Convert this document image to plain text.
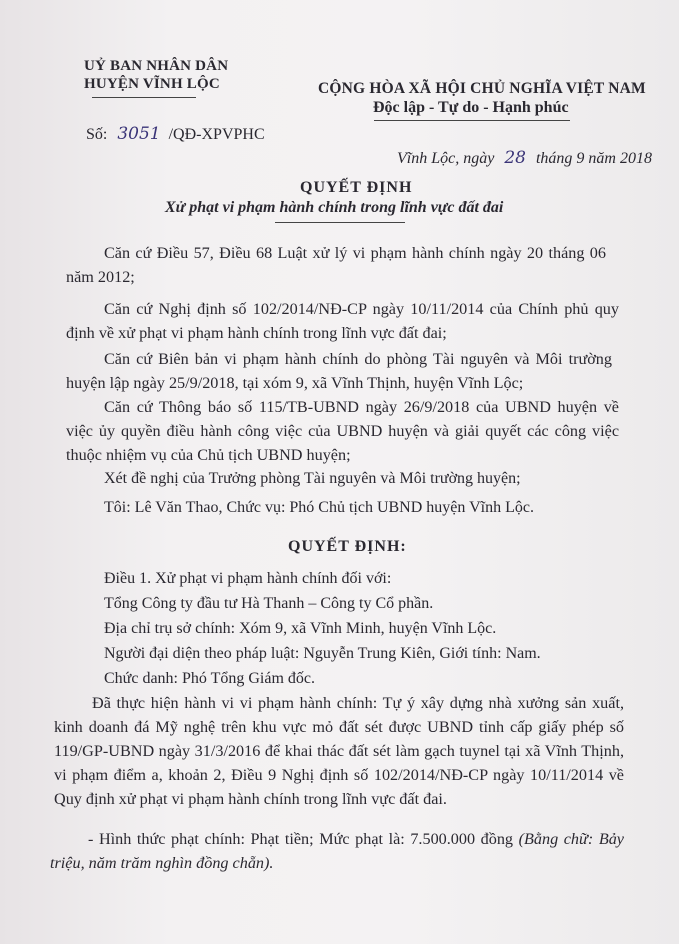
UỶ BAN NHÂN DÂN
HUYỆN VĨNH LỘC	CỘNG HÒA XÃ HỘI CHỦ NGHĨA VIỆT NAM
Độc lập - Tự do - Hạnh phúc
Số: 3051 /QĐ-XPVPHC
Vĩnh Lộc, ngày 28 tháng 9 năm 2018
QUYẾT ĐỊNH
Xử phạt vi phạm hành chính trong lĩnh vực đất đai
Căn cứ Điều 57, Điều 68 Luật xử lý vi phạm hành chính ngày 20 tháng 06 năm 2012;
Căn cứ Nghị định số 102/2014/NĐ-CP ngày 10/11/2014 của Chính phủ quy định về xử phạt vi phạm hành chính trong lĩnh vực đất đai;
Căn cứ Biên bản vi phạm hành chính do phòng Tài nguyên và Môi trường huyện lập ngày 25/9/2018, tại xóm 9, xã Vĩnh Thịnh, huyện Vĩnh Lộc;
Căn cứ Thông báo số 115/TB-UBND ngày 26/9/2018 của UBND huyện về việc ủy quyền điều hành công việc của UBND huyện và giải quyết các công việc thuộc nhiệm vụ của Chủ tịch UBND huyện;
Xét đề nghị của Trưởng phòng Tài nguyên và Môi trường huyện;
Tôi: Lê Văn Thao, Chức vụ: Phó Chủ tịch UBND huyện Vĩnh Lộc.
QUYẾT ĐỊNH:
Điều 1. Xử phạt vi phạm hành chính đối với:
Tổng Công ty đầu tư Hà Thanh – Công ty Cổ phần.
Địa chỉ trụ sở chính: Xóm 9, xã Vĩnh Minh, huyện Vĩnh Lộc.
Người đại diện theo pháp luật: Nguyễn Trung Kiên, Giới tính: Nam.
Chức danh: Phó Tổng Giám đốc.
Đã thực hiện hành vi vi phạm hành chính: Tự ý xây dựng nhà xưởng sản xuất, kinh doanh đá Mỹ nghệ trên khu vực mỏ đất sét được UBND tỉnh cấp giấy phép số 119/GP-UBND ngày 31/3/2016 để khai thác đất sét làm gạch tuynel tại xã Vĩnh Thịnh, vi phạm điểm a, khoản 2, Điều 9 Nghị định số 102/2014/NĐ-CP ngày 10/11/2014 về Quy định xử phạt vi phạm hành chính trong lĩnh vực đất đai.
- Hình thức phạt chính: Phạt tiền; Mức phạt là: 7.500.000 đồng (Bằng chữ: Bảy triệu, năm trăm nghìn đồng chẵn).
